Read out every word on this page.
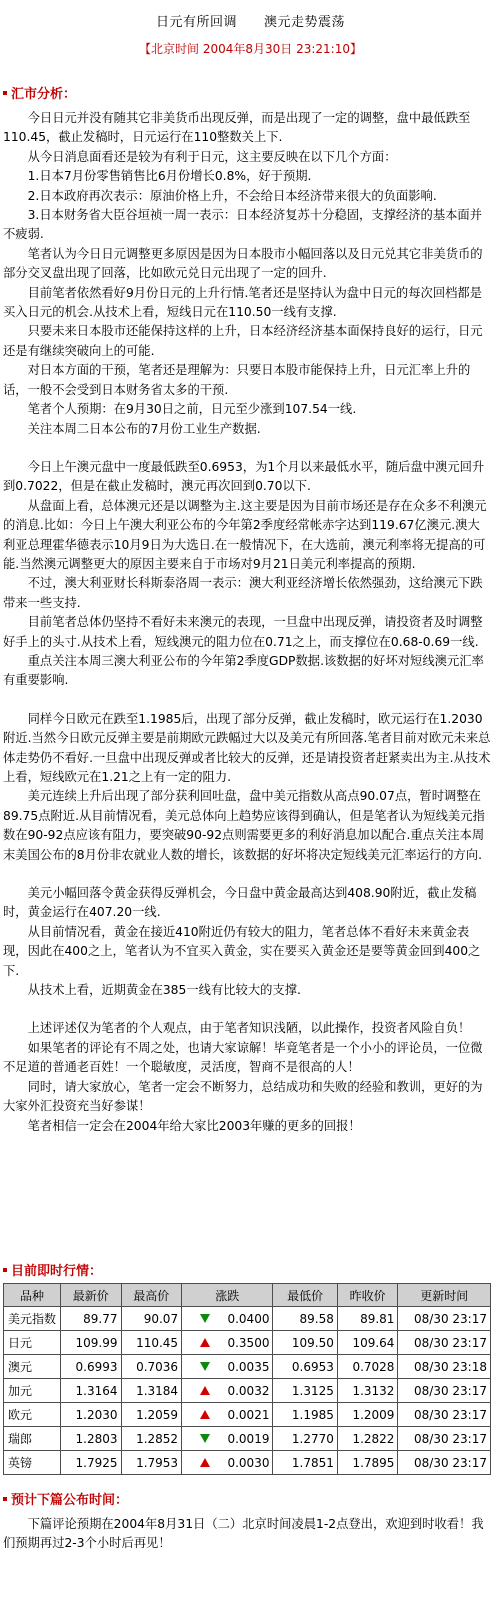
日元有所回调　　澳元走势震荡
【北京时间 2004年8月30日 23:21:10】
汇市分析：

今日日元并没有随其它非美货币出现反弹，而是出现了一定的调整，盘中最低跌至110.45，截止发稿时，日元运行在110整数关上下.

从今日消息面看还是较为有利于日元，这主要反映在以下几个方面：

1.日本7月份零售销售比6月份增长0.8%，好于预期.

2.日本政府再次表示：原油价格上升，不会给日本经济带来很大的负面影响.

3.日本财务省大臣谷垣祯一周一表示：日本经济复苏十分稳固，支撑经济的基本面并不疲弱.

笔者认为今日日元调整更多原因是因为日本股市小幅回落以及日元兑其它非美货币的部分交叉盘出现了回落，比如欧元兑日元出现了一定的回升.

目前笔者依然看好9月份日元的上升行情.笔者还是坚持认为盘中日元的每次回档都是买入日元的机会.从技术上看，短线日元在110.50一线有支撑.

只要未来日本股市还能保持这样的上升，日本经济经济基本面保持良好的运行，日元还是有继续突破向上的可能.

对日本方面的干预，笔者还是理解为：只要日本股市能保持上升，日元汇率上升的话，一般不会受到日本财务省太多的干预.

笔者个人预期：在9月30日之前，日元至少涨到107.54一线.

关注本周二日本公布的7月份工业生产数据.

今日上午澳元盘中一度最低跌至0.6953，为1个月以来最低水平，随后盘中澳元回升到0.7022，但是在截止发稿时，澳元再次回到0.70以下.

从盘面上看，总体澳元还是以调整为主.这主要是因为目前市场还是存在众多不利澳元的消息.比如：今日上午澳大利亚公布的今年第2季度经常帐赤字达到119.67亿澳元.澳大利亚总理霍华德表示10月9日为大选日.在一般情况下，在大选前，澳元利率将无提高的可能.当然澳元调整更大的原因主要来自于市场对9月21日美元利率提高的预期.

不过，澳大利亚财长科斯泰洛周一表示：澳大利亚经济增长依然强劲，这给澳元下跌带来一些支持.

目前笔者总体仍坚持不看好未来澳元的表现，一旦盘中出现反弹，请投资者及时调整好手上的头寸.从技术上看，短线澳元的阻力位在0.71之上，而支撑位在0.68-0.69一线.

重点关注本周三澳大利亚公布的今年第2季度GDP数据.该数据的好坏对短线澳元汇率有重要影响.

同样今日欧元在跌至1.1985后，出现了部分反弹，截止发稿时，欧元运行在1.2030附近.当然今日欧元反弹主要是前期欧元跌幅过大以及美元有所回落.笔者目前对欧元未来总体走势仍不看好.一旦盘中出现反弹或者比较大的反弹，还是请投资者赶紧卖出为主.从技术上看，短线欧元在1.21之上有一定的阻力.

美元连续上升后出现了部分获利回吐盘，盘中美元指数从高点90.07点，暂时调整在89.75点附近.从目前情况看，美元总体向上趋势应该得到确认，但是笔者认为短线美元指数在90-92点应该有阻力，要突破90-92点则需要更多的利好消息加以配合.重点关注本周末美国公布的8月份非农就业人数的增长，该数据的好坏将决定短线美元汇率运行的方向.

美元小幅回落令黄金获得反弹机会，今日盘中黄金最高达到408.90附近，截止发稿时，黄金运行在407.20一线.

从目前情况看，黄金在接近410附近仍有较大的阻力，笔者总体不看好未来黄金表现，因此在400之上，笔者认为不宜买入黄金，实在要买入黄金还是要等黄金回到400之下.

从技术上看，近期黄金在385一线有比较大的支撑.

上述评述仅为笔者的个人观点，由于笔者知识浅陋，以此操作，投资者风险自负！

如果笔者的评论有不周之处，也请大家谅解！毕竟笔者是一个小小的评论员，一位微不足道的普通老百姓！一个聪敏度，灵活度，智商不是很高的人！

同时，请大家放心，笔者一定会不断努力，总结成功和失败的经验和教训，更好的为大家外汇投资充当好参谋！

笔者相信一定会在2004年给大家比2003年赚的更多的回报！

目前即时行情：
品种	最新价	最高价	涨跌	最低价	昨收价	更新时间
美元指数	89.77	90.07	0.0400	89.58	89.81	08/30 23:17
日元	109.99	110.45	0.3500	109.50	109.64	08/30 23:17
澳元	0.6993	0.7036	0.0035	0.6953	0.7028	08/30 23:18
加元	1.3164	1.3184	0.0032	1.3125	1.3132	08/30 23:17
欧元	1.2030	1.2059	0.0021	1.1985	1.2009	08/30 23:17
瑞郎	1.2803	1.2852	0.0019	1.2770	1.2822	08/30 23:17
英镑	1.7925	1.7953	0.0030	1.7851	1.7895	08/30 23:17
预计下篇公布时间：
下篇评论预期在2004年8月31日（二）北京时间凌晨1-2点登出，欢迎到时收看！我们预期再过2-3个小时后再见！
